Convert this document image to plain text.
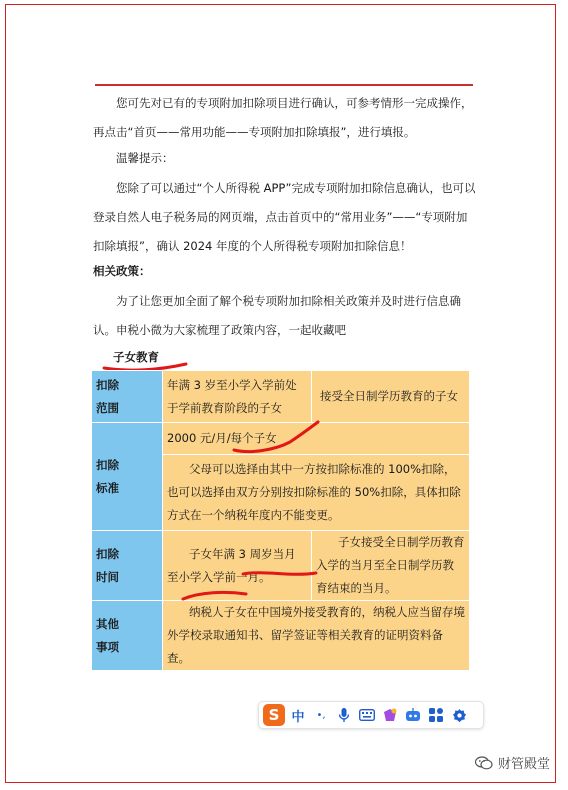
您可先对已有的专项附加扣除项目进行确认，可参考情形一完成操作，再点击“首页——常用功能——专项附加扣除填报”，进行填报。

温馨提示：

您除了可以通过“个人所得税 APP”完成专项附加扣除信息确认，也可以登录自然人电子税务局的网页端，点击首页中的“常用业务”——“专项附加扣除填报”，确认 2024 年度的个人所得税专项附加扣除信息！

相关政策：

为了让您更加全面了解个税专项附加扣除相关政策并及时进行信息确认。申税小微为大家梳理了政策内容，一起收藏吧

子女教育

扣除
范围	年满 3 岁至小学入学前处于学前教育阶段的子女	接受全日制学历教育的子女
扣除
标准	2000 元/月/每个子女	
	父母可以选择由其中一方按扣除标准的 100%扣除，也可以选择由双方分别按扣除标准的 50%扣除，具体扣除方式在一个纳税年度内不能变更。	
扣除
时间	子女年满 3 周岁当月至小学入学前一月。	子女接受全日制学历教育入学的当月至全日制学历教育结束的当月。
其他
事项	纳税人子女在中国境外接受教育的，纳税人应当留存境外学校录取通知书、留学签证等相关教育的证明资料备查。	
S 中	•,
财管殿堂
